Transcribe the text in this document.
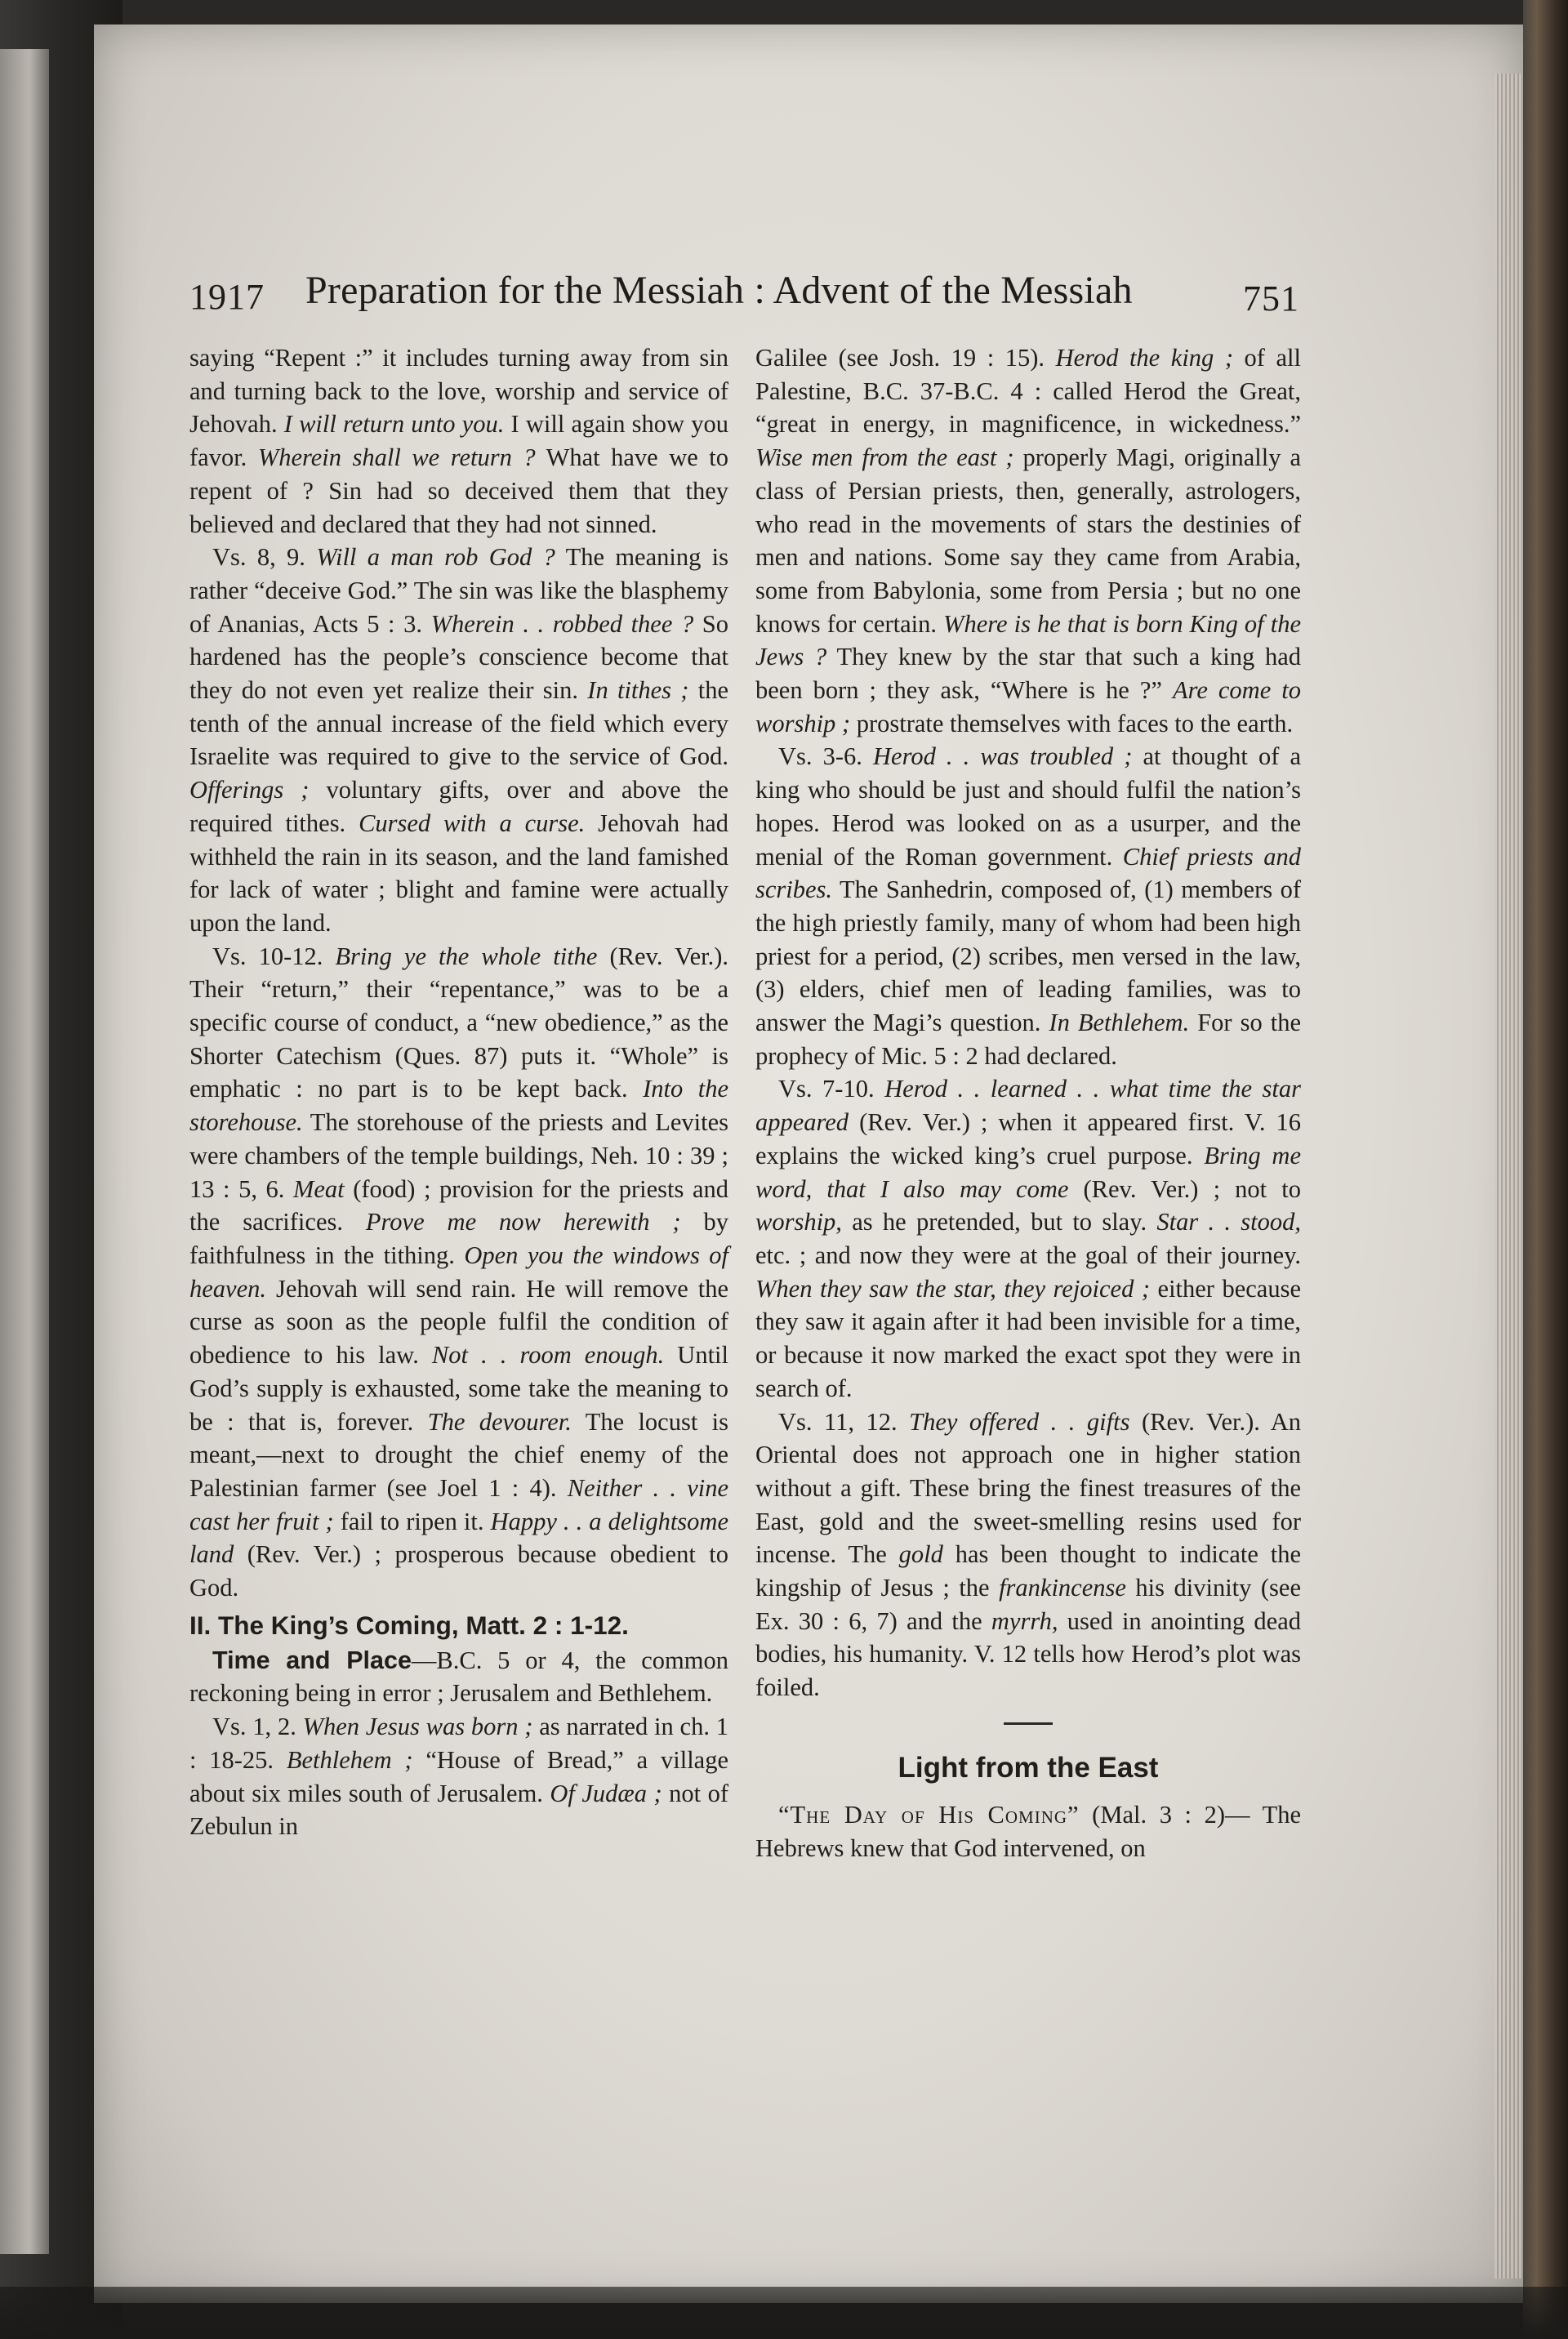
1917 Preparation for the Messiah : Advent of the Messiah	751

saying “Repent :” it includes turning away from sin and turning back to the love, worship and service of Jehovah. I will return unto you. I will again show you favor. Wherein shall we return ? What have we to repent of ? Sin had so deceived them that they believed and declared that they had not sinned.

Vs. 8, 9. Will a man rob God ? The meaning is rather “deceive God.” The sin was like the blasphemy of Ananias, Acts 5 : 3. Wherein . . robbed thee ? So hardened has the people’s conscience become that they do not even yet realize their sin. In tithes ; the tenth of the annual increase of the field which every Israelite was required to give to the service of God. Offerings ; voluntary gifts, over and above the required tithes. Cursed with a curse. Jehovah had withheld the rain in its season, and the land famished for lack of water ; blight and famine were actually upon the land.

Vs. 10-12. Bring ye the whole tithe (Rev. Ver.). Their “return,” their “repentance,” was to be a specific course of conduct, a “new obedience,” as the Shorter Catechism (Ques. 87) puts it. “Whole” is emphatic : no part is to be kept back. Into the storehouse. The storehouse of the priests and Levites were chambers of the temple buildings, Neh. 10 : 39 ; 13 : 5, 6. Meat (food) ; provision for the priests and the sacrifices. Prove me now herewith ; by faithfulness in the tithing. Open you the windows of heaven. Jehovah will send rain. He will remove the curse as soon as the people fulfil the condition of obedience to his law. Not . . room enough. Until God’s supply is exhausted, some take the meaning to be : that is, forever. The devourer. The locust is meant,—next to drought the chief enemy of the Palestinian farmer (see Joel 1 : 4). Neither . . vine cast her fruit ; fail to ripen it. Happy . . a delightsome land (Rev. Ver.) ; prosperous because obedient to God.

II. The King’s Coming, Matt. 2 : 1-12.

Time and Place—B.C. 5 or 4, the common reckoning being in error ; Jerusalem and Bethlehem.

Vs. 1, 2. When Jesus was born ; as narrated in ch. 1 : 18-25. Bethlehem ; “House of Bread,” a village about six miles south of Jerusalem. Of Judæa ; not of Zebulun in

Galilee (see Josh. 19 : 15). Herod the king ; of all Palestine, B.C. 37-B.C. 4 : called Herod the Great, “great in energy, in magnificence, in wickedness.” Wise men from the east ; properly Magi, originally a class of Persian priests, then, generally, astrologers, who read in the movements of stars the destinies of men and nations. Some say they came from Arabia, some from Babylonia, some from Persia ; but no one knows for certain. Where is he that is born King of the Jews ? They knew by the star that such a king had been born ; they ask, “Where is he ?” Are come to worship ; prostrate themselves with faces to the earth.

Vs. 3-6. Herod . . was troubled ; at thought of a king who should be just and should fulfil the nation’s hopes. Herod was looked on as a usurper, and the menial of the Roman government. Chief priests and scribes. The Sanhedrin, composed of, (1) members of the high priestly family, many of whom had been high priest for a period, (2) scribes, men versed in the law, (3) elders, chief men of leading families, was to answer the Magi’s question. In Bethlehem. For so the prophecy of Mic. 5 : 2 had declared.

Vs. 7-10. Herod . . learned . . what time the star appeared (Rev. Ver.) ; when it appeared first. V. 16 explains the wicked king’s cruel purpose. Bring me word, that I also may come (Rev. Ver.) ; not to worship, as he pretended, but to slay. Star . . stood, etc. ; and now they were at the goal of their journey. When they saw the star, they rejoiced ; either because they saw it again after it had been invisible for a time, or because it now marked the exact spot they were in search of.

Vs. 11, 12. They offered . . gifts (Rev. Ver.). An Oriental does not approach one in higher station without a gift. These bring the finest treasures of the East, gold and the sweet-smelling resins used for incense. The gold has been thought to indicate the kingship of Jesus ; the frankincense his divinity (see Ex. 30 : 6, 7) and the myrrh, used in anointing dead bodies, his humanity. V. 12 tells how Herod’s plot was foiled.

Light from the East

“The Day of His Coming” (Mal. 3 : 2)— The Hebrews knew that God intervened, on
